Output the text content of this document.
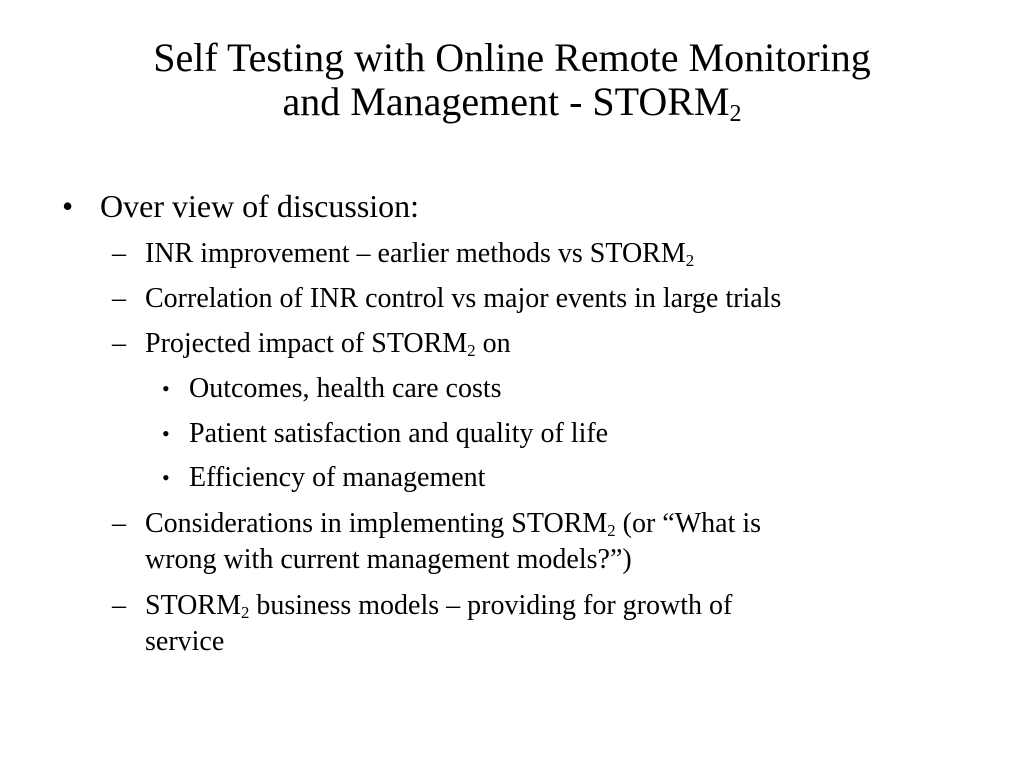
Self Testing with Online Remote Monitoring
and Management - $STORM_2$
• Over view of discussion:
– INR improvement – earlier methods vs $STORM_2$
– Correlation of INR control vs major events in large trials
– Projected impact of $STORM_2$ on
• Outcomes, health care costs
• Patient satisfaction and quality of life
• Efficiency of management
– Considerations in implementing $STORM_2$ (or “What is
wrong with current management models?”)
– $STORM_2$ business models – providing for growth of
service
